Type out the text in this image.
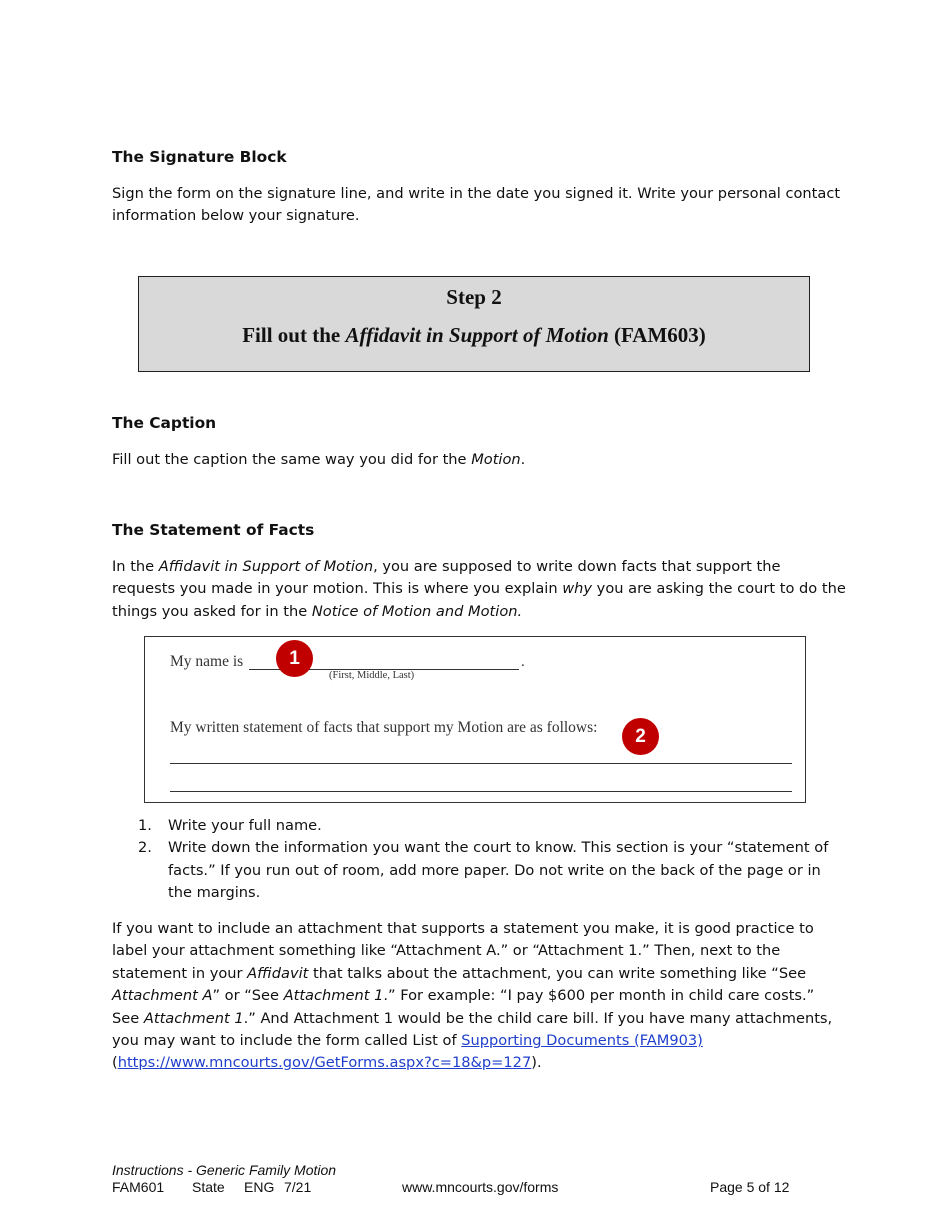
The Signature Block

Sign the form on the signature line, and write in the date you signed it. Write your personal contact information below your signature.

Step 2
Fill out the Affidavit in Support of Motion (FAM603)
The Caption

Fill out the caption the same way you did for the Motion.

The Statement of Facts

In the Affidavit in Support of Motion, you are supposed to write down facts that support the requests you made in your motion. This is where you explain why you are asking the court to do the things you asked for in the Notice of Motion and Motion.

My name is	.
(First, Middle, Last)
My written statement of facts that support my Motion are as follows:
1
2
1. Write your full name.
2. Write down the information you want the court to know. This section is your “statement of facts.” If you run out of room, add more paper. Do not write on the back of the page or in the margins.

If you want to include an attachment that supports a statement you make, it is good practice to label your attachment something like “Attachment A.” or “Attachment 1.” Then, next to the statement in your Affidavit that talks about the attachment, you can write something like “See Attachment A” or “See Attachment 1.” For example: “I pay $600 per month in child care costs.” See Attachment 1.” And Attachment 1 would be the child care bill. If you have many attachments, you may want to include the form called List of Supporting Documents (FAM903)
(https://www.mncourts.gov/GetForms.aspx?c=18&p=127).

Instructions - Generic Family Motion
FAM601 State ENG 7/21	www.mncourts.gov/forms	Page 5 of 12
